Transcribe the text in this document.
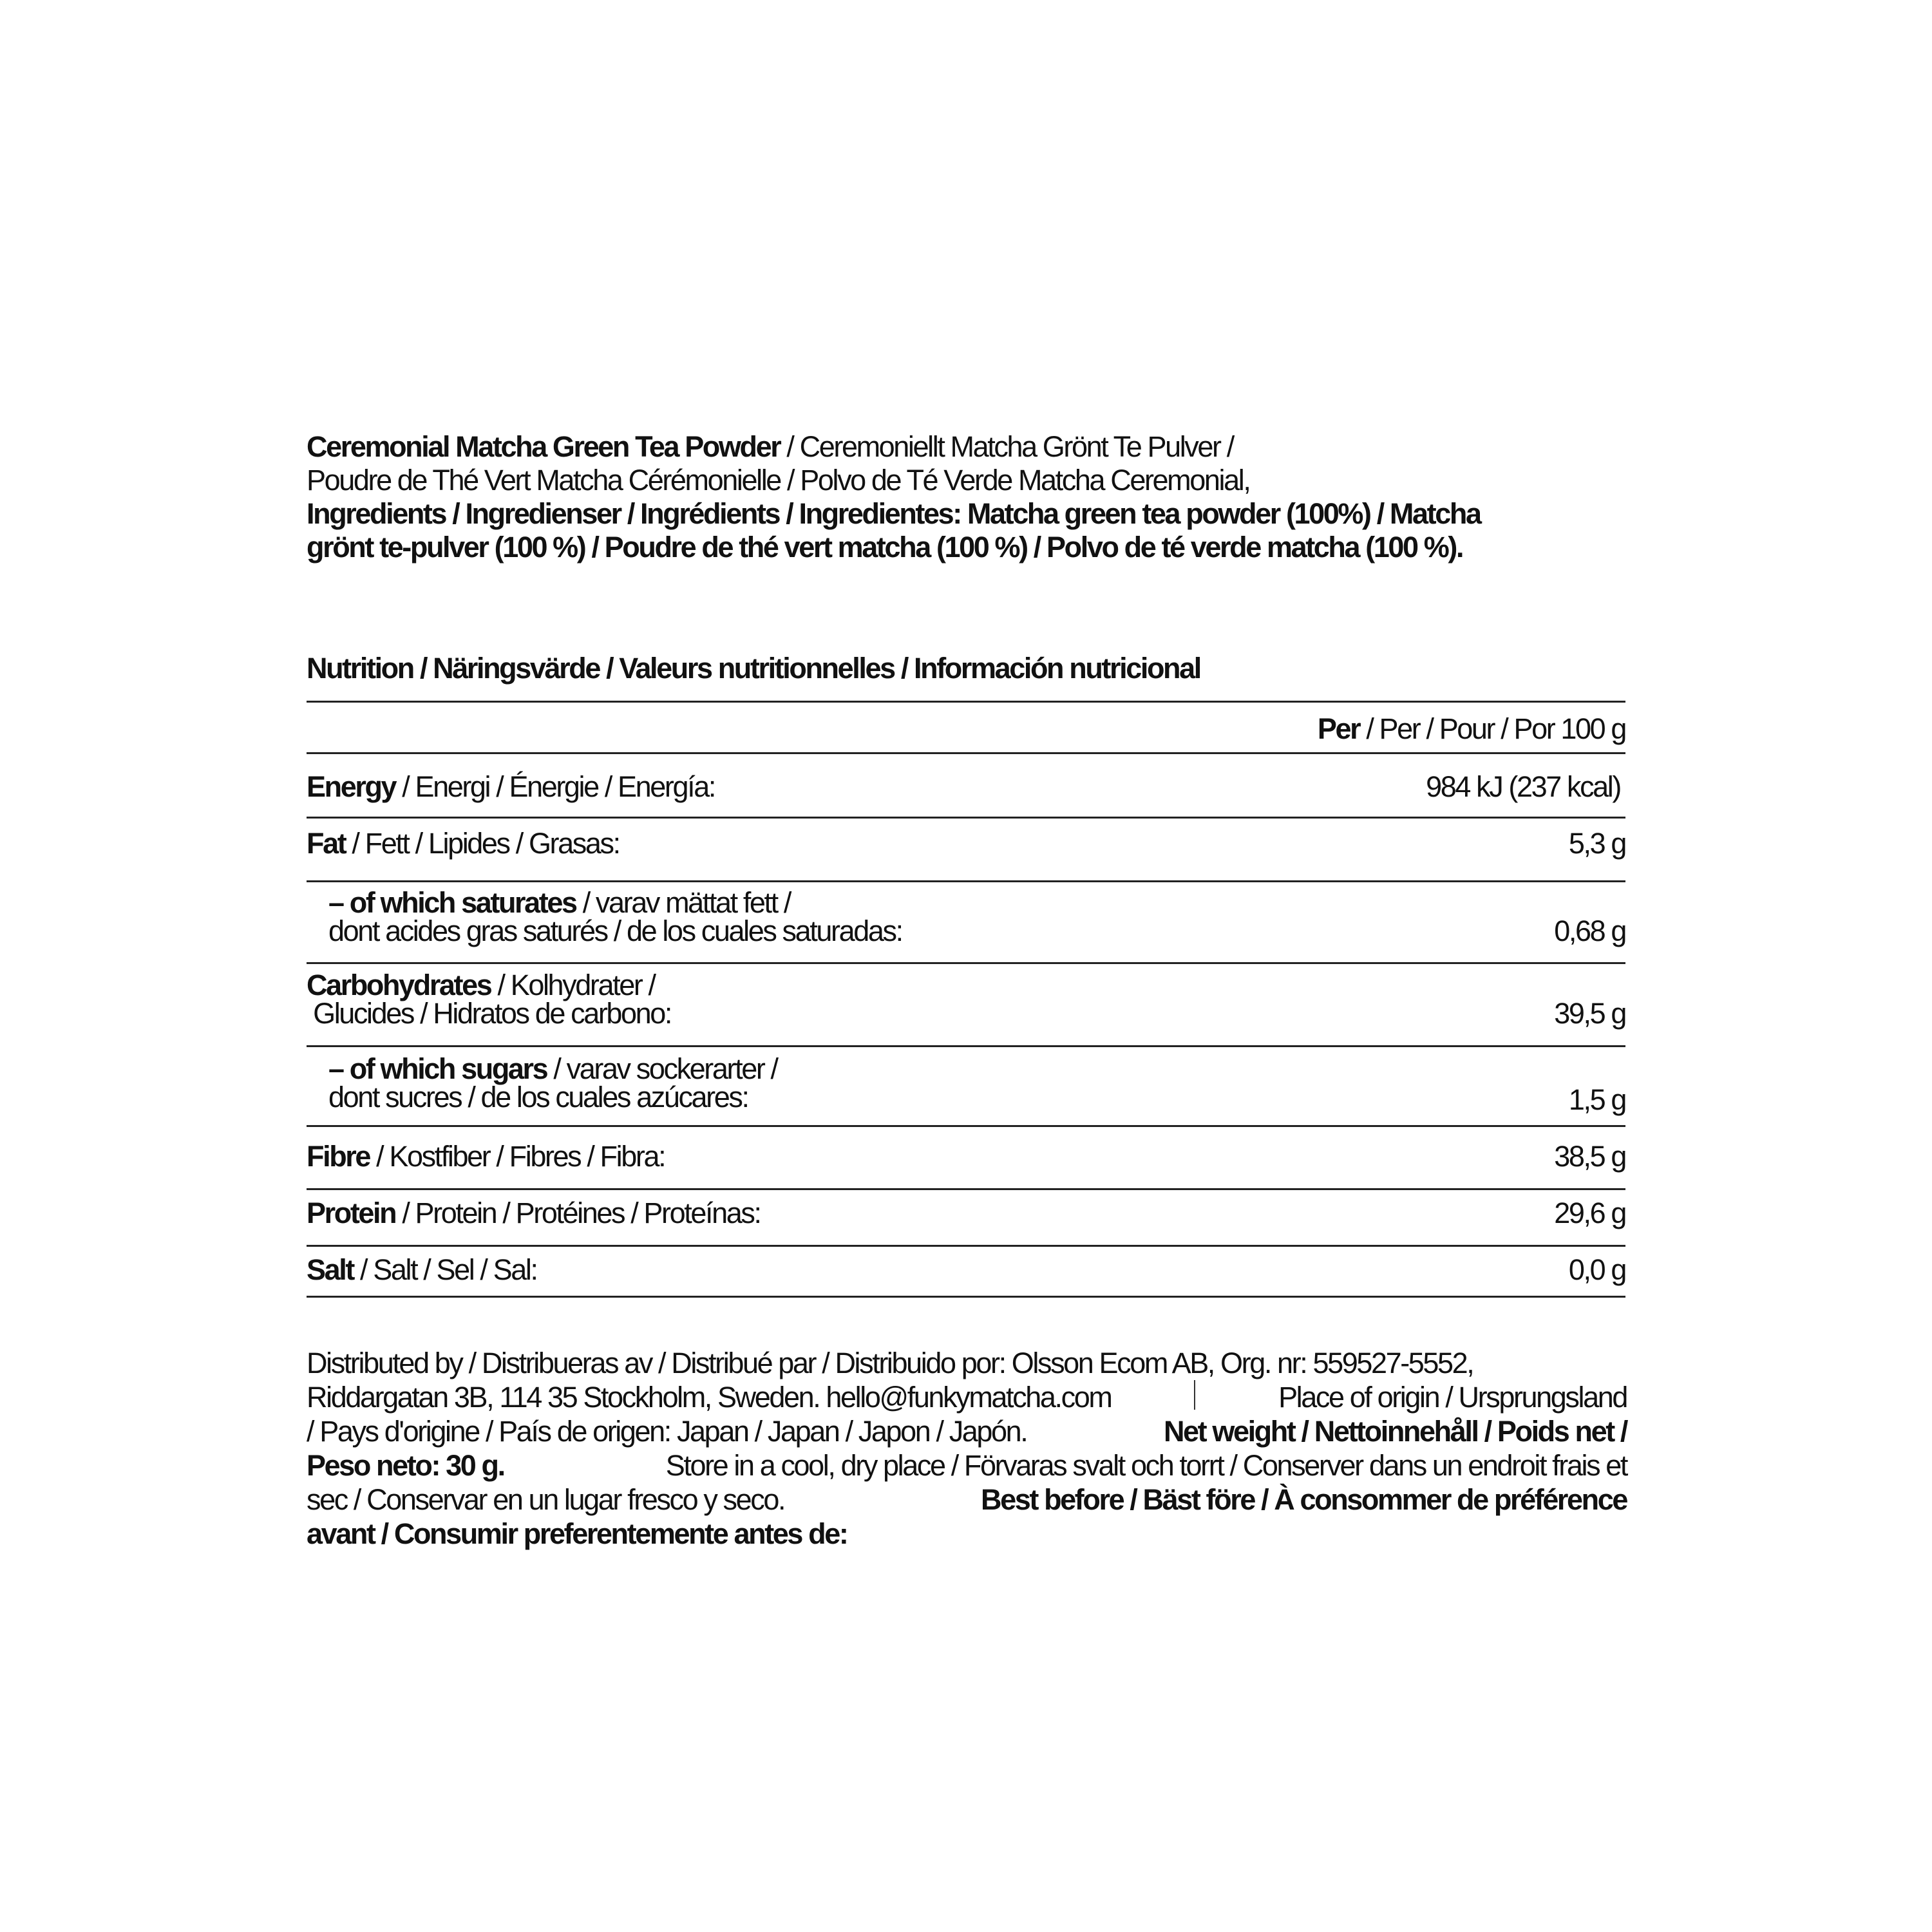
Ceremonial Matcha Green Tea Powder / Ceremoniellt Matcha Grönt Te Pulver /
Poudre de Thé Vert Matcha Cérémonielle / Polvo de Té Verde Matcha Ceremonial,
Ingredients / Ingredienser / Ingrédients / Ingredientes: Matcha green tea powder (100%) / Matcha
grönt te-pulver (100 %) / Poudre de thé vert matcha (100 %) / Polvo de té verde matcha (100 %).
Nutrition / Näringsvärde / Valeurs nutritionnelles / Información nutricional
Per / Per / Pour / Por 100 g
Energy / Energi / Énergie / Energía:	984 kJ (237 kcal)
Fat / Fett / Lipides / Grasas:	5,3 g
– of which saturates / varav mättat fett /
dont acides gras saturés / de los cuales saturadas:	0,68 g
Carbohydrates / Kolhydrater /
Glucides / Hidratos de carbono:	39,5 g
– of which sugars / varav sockerarter /
dont sucres / de los cuales azúcares:	1,5 g
Fibre / Kostfiber / Fibres / Fibra:	38,5 g
Protein / Protein / Protéines / Proteínas:	29,6 g
Salt / Salt / Sel / Sal:	0,0 g
Distributed by / Distribueras av / Distribué par / Distribuido por: Olsson Ecom AB, Org. nr: 559527-5552,
Riddargatan 3B, 114 35 Stockholm, Sweden. hello@funkymatcha.com	Place of origin / Ursprungsland
/ Pays d'origine / País de origen: Japan / Japan / Japon / Japón.	Net weight / Nettoinnehåll / Poids net /
Peso neto: 30 g.	Store in a cool, dry place / Förvaras svalt och torrt / Conserver dans un endroit frais et
sec / Conservar en un lugar fresco y seco.	Best before / Bäst före / À consommer de préférence
avant / Consumir preferentemente antes de:
